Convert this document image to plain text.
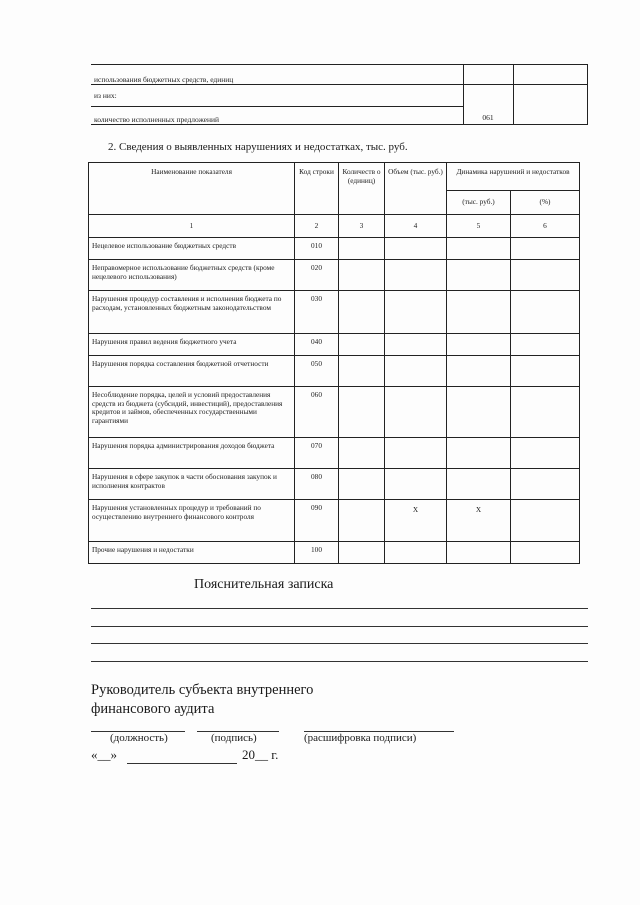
использования бюджетных средств, единиц		
из них:	061	
количество исполненных предложений		
2. Сведения о выявленных нарушениях и недостатках, тыс. руб.
Наименование показателя	Код строки	Количеств о (единиц)	Объем (тыс. руб.)	Динамика нарушений и недостатков	
				(тыс. руб.)	(%)
1	2	3	4	5	6
Нецелевое использование бюджетных средств	010				
Неправомерное использование бюджетных средств (кроме нецелевого использования)	020				
Нарушения процедур составления и исполнения бюджета по расходам, установленных бюджетным законодательством	030				
Нарушения правил ведения бюджетного учета	040				
Нарушения порядка составления бюджетной отчетности	050				
Несоблюдение порядка, целей и условий предоставления средств из бюджета (субсидий, инвестиций), предоставления кредитов и займов, обеспеченных государственными гарантиями	060				
Нарушения порядка администрирования доходов бюджета	070				
Нарушения в сфере закупок в части обоснования закупок и исполнения контрактов	080				
Нарушения установленных процедур и требований по осуществлению внутреннего финансового контроля	090		X	X	
Прочие нарушения и недостатки	100				
Пояснительная записка
Руководитель субъекта внутреннего
финансового аудита
(должность)	(подпись)	(расшифровка подписи)
«__»	20__ г.
